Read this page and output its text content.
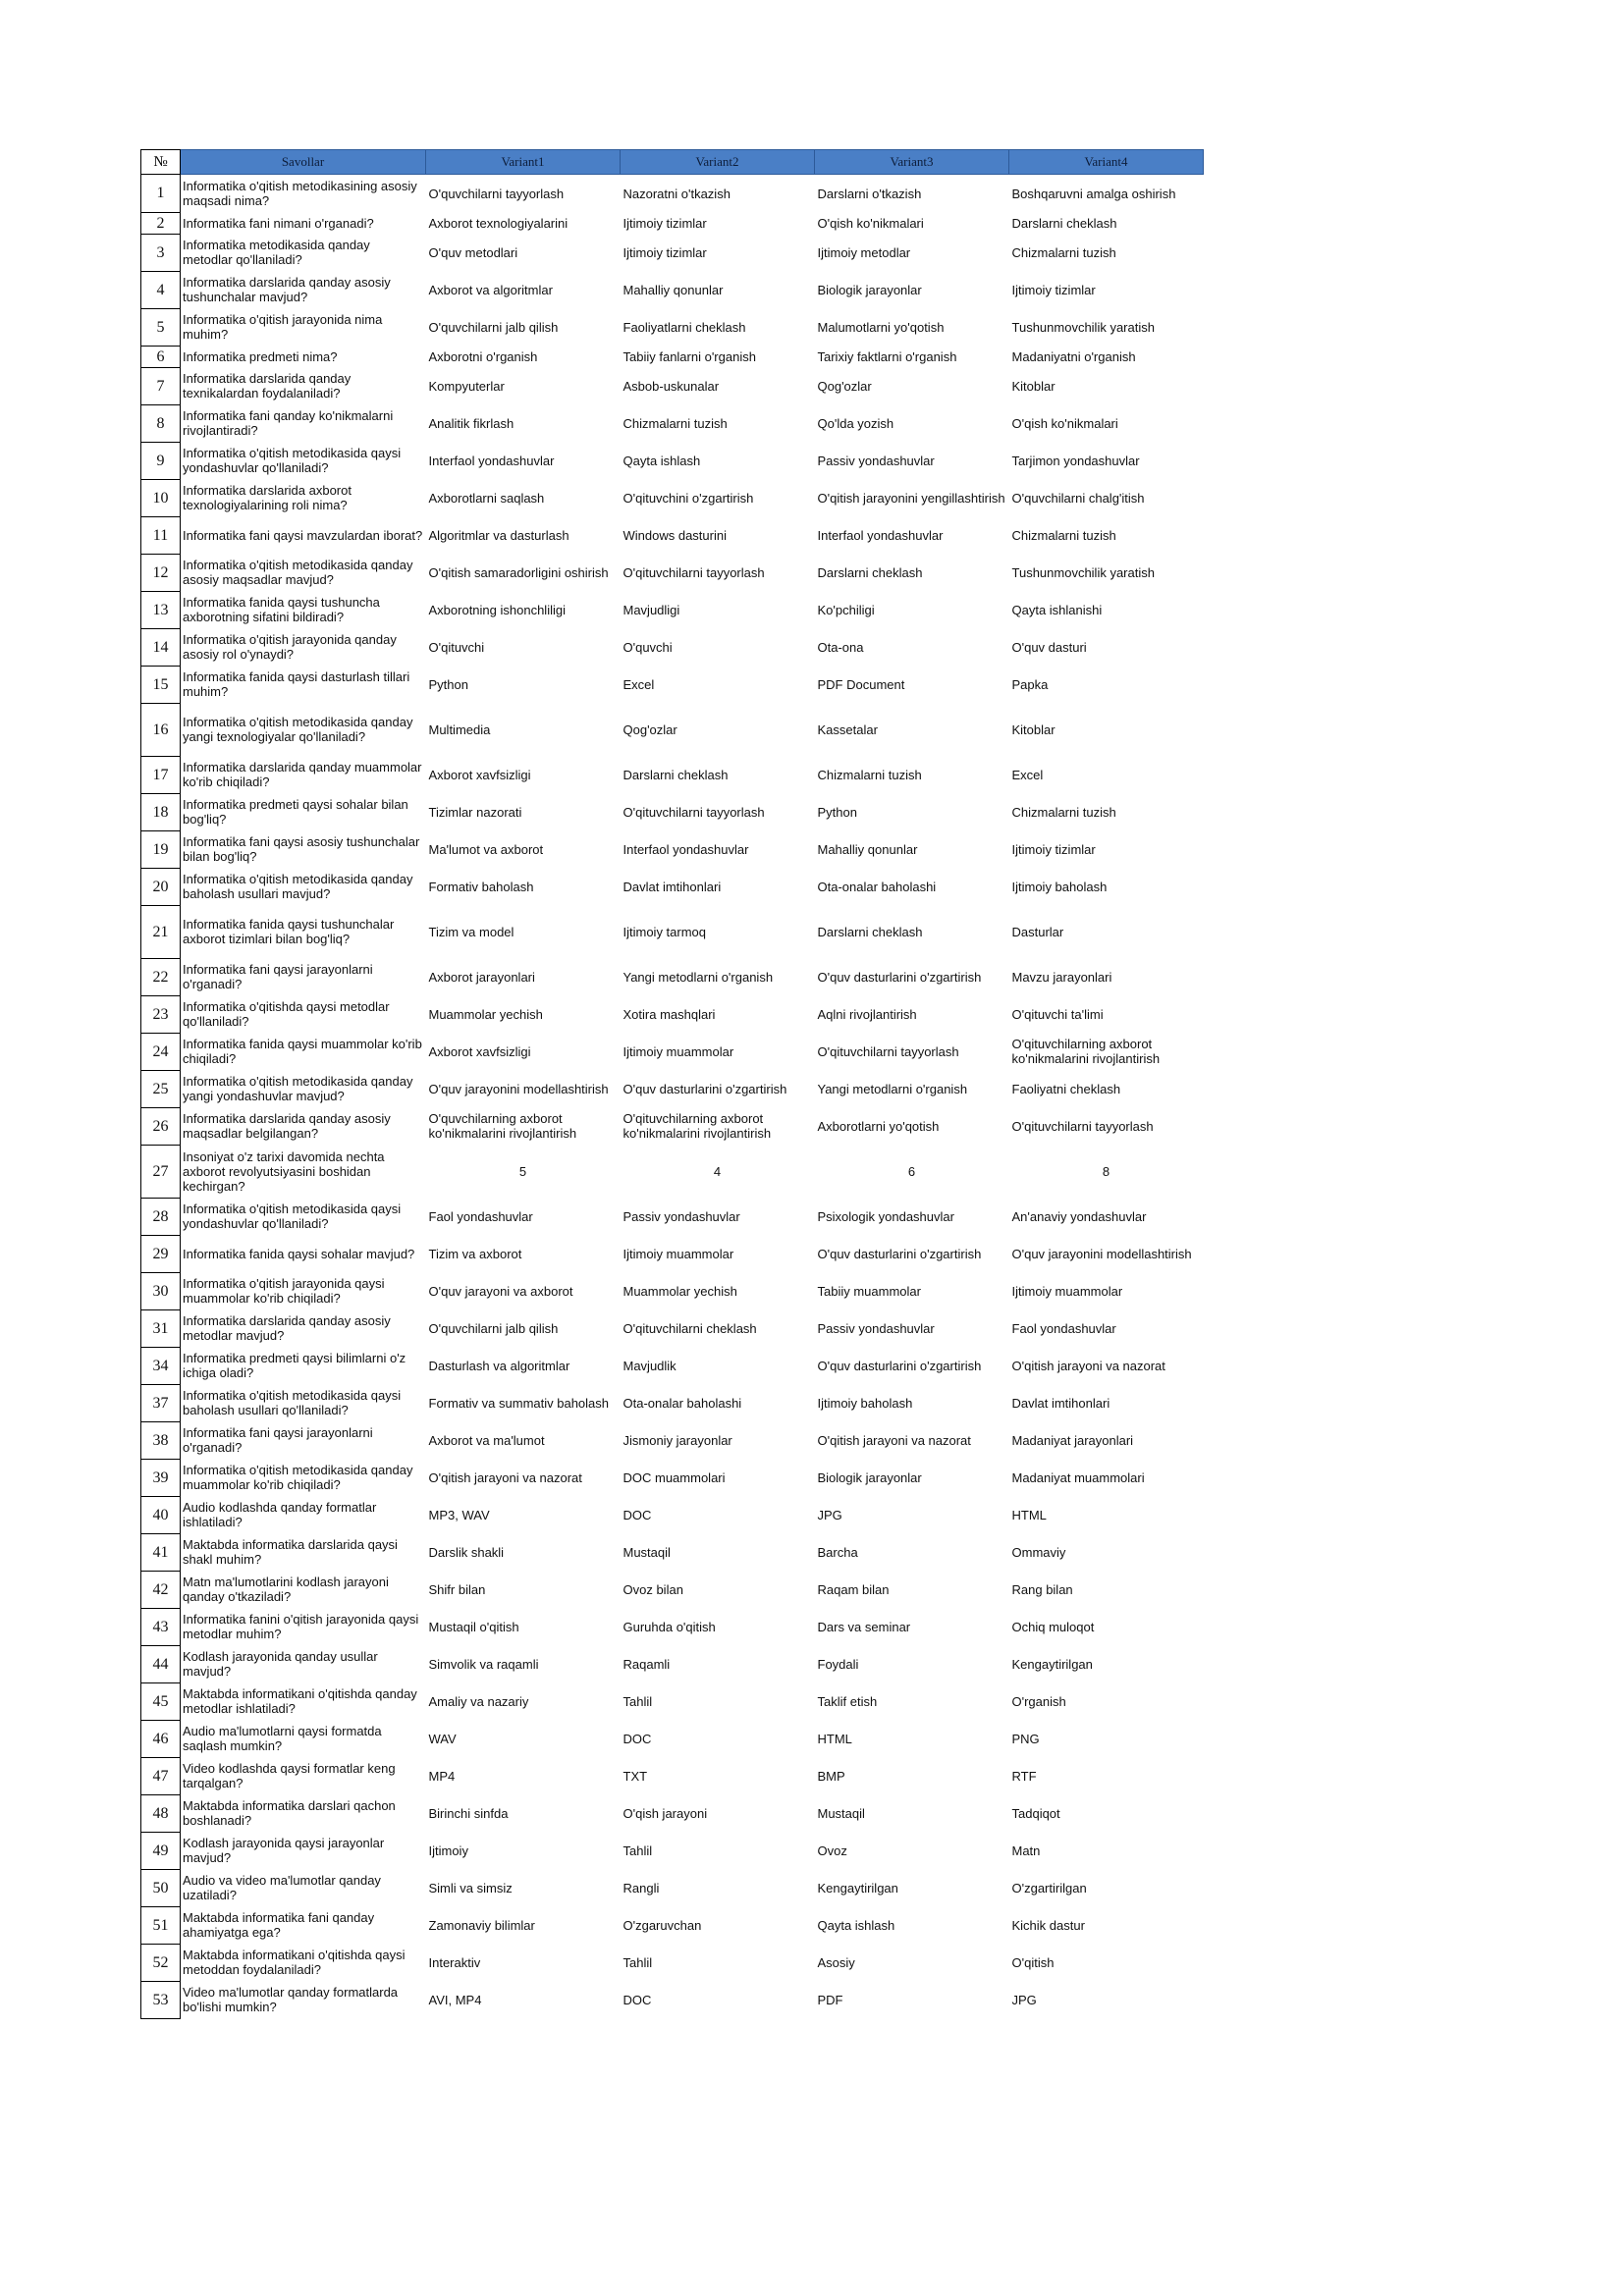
№	Savollar	Variant1	Variant2	Variant3	Variant4
1	Informatika o'qitish metodikasining asosiy maqsadi nima?	O'quvchilarni tayyorlash	Nazoratni o'tkazish	Darslarni o'tkazish	Boshqaruvni amalga oshirish
2	Informatika fani nimani o'rganadi?	Axborot texnologiyalarini	Ijtimoiy tizimlar	O'qish ko'nikmalari	Darslarni cheklash
3	Informatika metodikasida qanday metodlar qo'llaniladi?	O'quv metodlari	Ijtimoiy tizimlar	Ijtimoiy metodlar	Chizmalarni tuzish
4	Informatika darslarida qanday asosiy tushunchalar mavjud?	Axborot va algoritmlar	Mahalliy qonunlar	Biologik jarayonlar	Ijtimoiy tizimlar
5	Informatika o'qitish jarayonida nima muhim?	O'quvchilarni jalb qilish	Faoliyatlarni cheklash	Malumotlarni yo'qotish	Tushunmovchilik yaratish
6	Informatika predmeti nima?	Axborotni o'rganish	Tabiiy fanlarni o'rganish	Tarixiy faktlarni o'rganish	Madaniyatni o'rganish
7	Informatika darslarida qanday texnikalardan foydalaniladi?	Kompyuterlar	Asbob-uskunalar	Qog'ozlar	Kitoblar
8	Informatika fani qanday ko'nikmalarni rivojlantiradi?	Analitik fikrlash	Chizmalarni tuzish	Qo'lda yozish	O'qish ko'nikmalari
9	Informatika o'qitish metodikasida qaysi yondashuvlar qo'llaniladi?	Interfaol yondashuvlar	Qayta ishlash	Passiv yondashuvlar	Tarjimon yondashuvlar
10	Informatika darslarida axborot texnologiyalarining roli nima?	Axborotlarni saqlash	O'qituvchini o'zgartirish	O'qitish jarayonini yengillashtirish	O'quvchilarni chalg'itish
11	Informatika fani qaysi mavzulardan iborat?	Algoritmlar va dasturlash	Windows dasturini	Interfaol yondashuvlar	Chizmalarni tuzish
12	Informatika o'qitish metodikasida qanday asosiy maqsadlar mavjud?	O'qitish samaradorligini oshirish	O'qituvchilarni tayyorlash	Darslarni cheklash	Tushunmovchilik yaratish
13	Informatika fanida qaysi tushuncha axborotning sifatini bildiradi?	Axborotning ishonchliligi	Mavjudligi	Ko'pchiligi	Qayta ishlanishi
14	Informatika o'qitish jarayonida qanday asosiy rol o'ynaydi?	O'qituvchi	O'quvchi	Ota-ona	O'quv dasturi
15	Informatika fanida qaysi dasturlash tillari muhim?	Python	Excel	PDF Document	Papka
16	Informatika o'qitish metodikasida qanday yangi texnologiyalar qo'llaniladi?	Multimedia	Qog'ozlar	Kassetalar	Kitoblar
17	Informatika darslarida qanday muammolar ko'rib chiqiladi?	Axborot xavfsizligi	Darslarni cheklash	Chizmalarni tuzish	Excel
18	Informatika predmeti qaysi sohalar bilan bog'liq?	Tizimlar nazorati	O'qituvchilarni tayyorlash	Python	Chizmalarni tuzish
19	Informatika fani qaysi asosiy tushunchalar bilan bog'liq?	Ma'lumot va axborot	Interfaol yondashuvlar	Mahalliy qonunlar	Ijtimoiy tizimlar
20	Informatika o'qitish metodikasida qanday baholash usullari mavjud?	Formativ baholash	Davlat imtihonlari	Ota-onalar baholashi	Ijtimoiy baholash
21	Informatika fanida qaysi tushunchalar axborot tizimlari bilan bog'liq?	Tizim va model	Ijtimoiy tarmoq	Darslarni cheklash	Dasturlar
22	Informatika fani qaysi jarayonlarni o'rganadi?	Axborot jarayonlari	Yangi metodlarni o'rganish	O'quv dasturlarini o'zgartirish	Mavzu jarayonlari
23	Informatika o'qitishda qaysi metodlar qo'llaniladi?	Muammolar yechish	Xotira mashqlari	Aqlni rivojlantirish	O'qituvchi ta'limi
24	Informatika fanida qaysi muammolar ko'rib chiqiladi?	Axborot xavfsizligi	Ijtimoiy muammolar	O'qituvchilarni tayyorlash	O'qituvchilarning axborot ko'nikmalarini rivojlantirish
25	Informatika o'qitish metodikasida qanday yangi yondashuvlar mavjud?	O'quv jarayonini modellashtirish	O'quv dasturlarini o'zgartirish	Yangi metodlarni o'rganish	Faoliyatni cheklash
26	Informatika darslarida qanday asosiy maqsadlar belgilangan?	O'quvchilarning axborot ko'nikmalarini rivojlantirish	O'qituvchilarning axborot ko'nikmalarini rivojlantirish	Axborotlarni yo'qotish	O'qituvchilarni tayyorlash
27	Insoniyat o'z tarixi davomida nechta axborot revolyutsiyasini boshidan kechirgan?	5	4	6	8
28	Informatika o'qitish metodikasida qaysi yondashuvlar qo'llaniladi?	Faol yondashuvlar	Passiv yondashuvlar	Psixologik yondashuvlar	An'anaviy yondashuvlar
29	Informatika fanida qaysi sohalar mavjud?	Tizim va axborot	Ijtimoiy muammolar	O'quv dasturlarini o'zgartirish	O'quv jarayonini modellashtirish
30	Informatika o'qitish jarayonida qaysi muammolar ko'rib chiqiladi?	O'quv jarayoni va axborot	Muammolar yechish	Tabiiy muammolar	Ijtimoiy muammolar
31	Informatika darslarida qanday asosiy metodlar mavjud?	O'quvchilarni jalb qilish	O'qituvchilarni cheklash	Passiv yondashuvlar	Faol yondashuvlar
34	Informatika predmeti qaysi bilimlarni o'z ichiga oladi?	Dasturlash va algoritmlar	Mavjudlik	O'quv dasturlarini o'zgartirish	O'qitish jarayoni va nazorat
37	Informatika o'qitish metodikasida qaysi baholash usullari qo'llaniladi?	Formativ va summativ baholash	Ota-onalar baholashi	Ijtimoiy baholash	Davlat imtihonlari
38	Informatika fani qaysi jarayonlarni o'rganadi?	Axborot va ma'lumot	Jismoniy jarayonlar	O'qitish jarayoni va nazorat	Madaniyat jarayonlari
39	Informatika o'qitish metodikasida qanday muammolar ko'rib chiqiladi?	O'qitish jarayoni va nazorat	DOC muammolari	Biologik jarayonlar	Madaniyat muammolari
40	Audio kodlashda qanday formatlar ishlatiladi?	MP3, WAV	DOC	JPG	HTML
41	Maktabda informatika darslarida qaysi shakl muhim?	Darslik shakli	Mustaqil	Barcha	Ommaviy
42	Matn ma'lumotlarini kodlash jarayoni qanday o'tkaziladi?	Shifr bilan	Ovoz bilan	Raqam bilan	Rang bilan
43	Informatika fanini o'qitish jarayonida qaysi metodlar muhim?	Mustaqil o'qitish	Guruhda o'qitish	Dars va seminar	Ochiq muloqot
44	Kodlash jarayonida qanday usullar mavjud?	Simvolik va raqamli	Raqamli	Foydali	Kengaytirilgan
45	Maktabda informatikani o'qitishda qanday metodlar ishlatiladi?	Amaliy va nazariy	Tahlil	Taklif etish	O'rganish
46	Audio ma'lumotlarni qaysi formatda saqlash mumkin?	WAV	DOC	HTML	PNG
47	Video kodlashda qaysi formatlar keng tarqalgan?	MP4	TXT	BMP	RTF
48	Maktabda informatika darslari qachon boshlanadi?	Birinchi sinfda	O'qish jarayoni	Mustaqil	Tadqiqot
49	Kodlash jarayonida qaysi jarayonlar mavjud?	Ijtimoiy	Tahlil	Ovoz	Matn
50	Audio va video ma'lumotlar qanday uzatiladi?	Simli va simsiz	Rangli	Kengaytirilgan	O'zgartirilgan
51	Maktabda informatika fani qanday ahamiyatga ega?	Zamonaviy bilimlar	O'zgaruvchan	Qayta ishlash	Kichik dastur
52	Maktabda informatikani o'qitishda qaysi metoddan foydalaniladi?	Interaktiv	Tahlil	Asosiy	O'qitish
53	Video ma'lumotlar qanday formatlarda bo'lishi mumkin?	AVI, MP4	DOC	PDF	JPG
